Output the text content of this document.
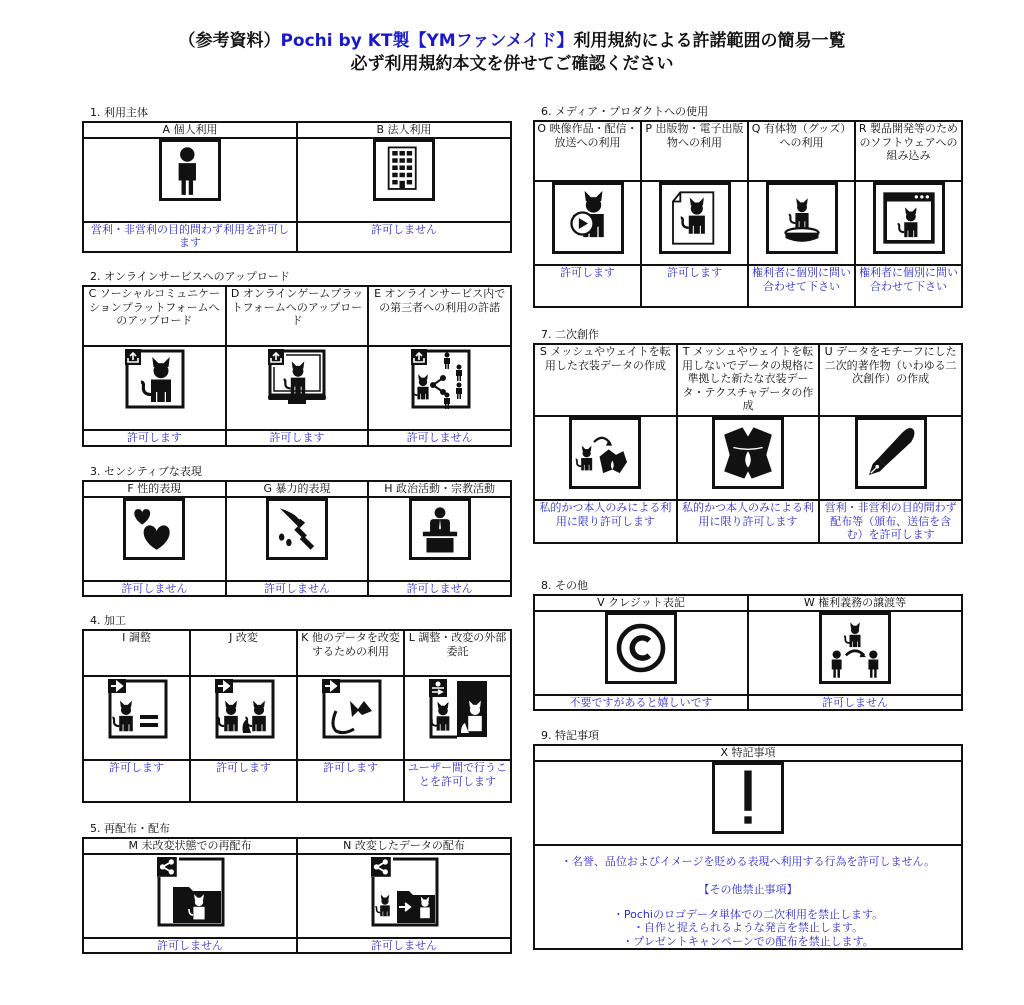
（参考資料）Pochi by KT製【YMファンメイド】利用規約による許諾範囲の簡易一覧
必ず利用規約本文を併せてご確認ください
1. 利用主体
A 個人利用	B 法人利用

営利・非営利の目的問わず利用を許可します	許可しません
2. オンラインサービスへのアップロード
C ソーシャルコミュニケーションプラットフォームへのアップロード	D オンラインゲームプラットフォームへのアップロード	E オンラインサービス内での第三者への利用の許諾

許可します	許可します	許可しません
3. センシティブな表現
F 性的表現	G 暴力的表現	H 政治活動・宗教活動

許可しません	許可しません	許可しません
4. 加工
I 調整	J 改変	K 他のデータを改変するための利用	L 調整・改変の外部委託

許可します	許可します	許可します	ユーザー間で行うことを許可します
5. 再配布・配布
M 未改変状態での再配布	N 改変したデータの配布

許可しません	許可しません
6. メディア・プロダクトへの使用
O 映像作品・配信・放送への利用	P 出版物・電子出版物への利用	Q 有体物（グッズ）への利用	R 製品開発等のためのソフトウェアへの組み込み

許可します	許可します	権利者に個別に問い合わせて下さい	権利者に個別に問い合わせて下さい
7. 二次創作
S メッシュやウェイトを転用した衣装データの作成	T メッシュやウェイトを転用しないでデータの規格に準拠した新たな衣装データ・テクスチャデータの作成	U データをモチーフにした二次的著作物（いわゆる二次創作）の作成

私的かつ本人のみによる利用に限り許可します	私的かつ本人のみによる利用に限り許可します	営利・非営利の目的問わず配布等（頒布、送信を含む）を許可します
8. その他
V クレジット表記	W 権利義務の譲渡等

不要ですがあると嬉しいです	許可しません
9. 特記事項
X 特記事項

・名誉、品位およびイメージを貶める表現へ利用する行為を許可しません。
【その他禁止事項】
・Pochiのロゴデータ単体での二次利用を禁止します。
・自作と捉えられるような発言を禁止します。
・プレゼントキャンペーンでの配布を禁止します。
